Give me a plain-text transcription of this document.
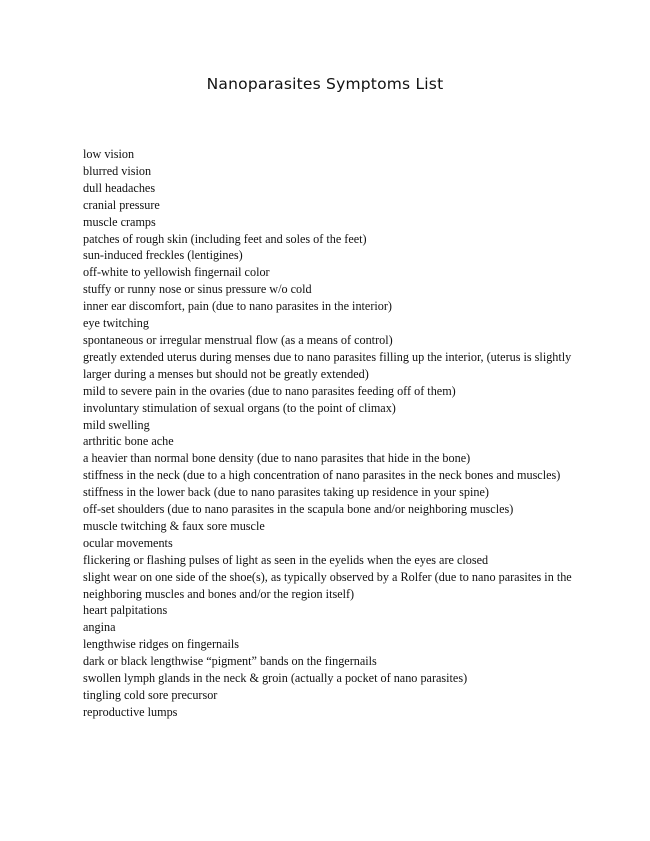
Nanoparasites Symptoms List
low vision
blurred vision
dull headaches
cranial pressure
muscle cramps
patches of rough skin (including feet and soles of the feet)
sun-induced freckles (lentigines)
off-white to yellowish fingernail color
stuffy or runny nose or sinus pressure w/o cold
inner ear discomfort, pain (due to nano parasites in the interior)
eye twitching
spontaneous or irregular menstrual flow (as a means of control)
greatly extended uterus during menses due to nano parasites filling up the interior, (uterus is slightly larger during a menses but should not be greatly extended)
mild to severe pain in the ovaries (due to nano parasites feeding off of them)
involuntary stimulation of sexual organs (to the point of climax)
mild swelling
arthritic bone ache
a heavier than normal bone density (due to nano parasites that hide in the bone)
stiffness in the neck (due to a high concentration of nano parasites in the neck bones and muscles)
stiffness in the lower back (due to nano parasites taking up residence in your spine)
off-set shoulders (due to nano parasites in the scapula bone and/or neighboring muscles)
muscle twitching & faux sore muscle
ocular movements
flickering or flashing pulses of light as seen in the eyelids when the eyes are closed
slight wear on one side of the shoe(s), as typically observed by a Rolfer (due to nano parasites in the neighboring muscles and bones and/or the region itself)
heart palpitations
angina
lengthwise ridges on fingernails
dark or black lengthwise “pigment” bands on the fingernails
swollen lymph glands in the neck & groin (actually a pocket of nano parasites)
tingling cold sore precursor
reproductive lumps
